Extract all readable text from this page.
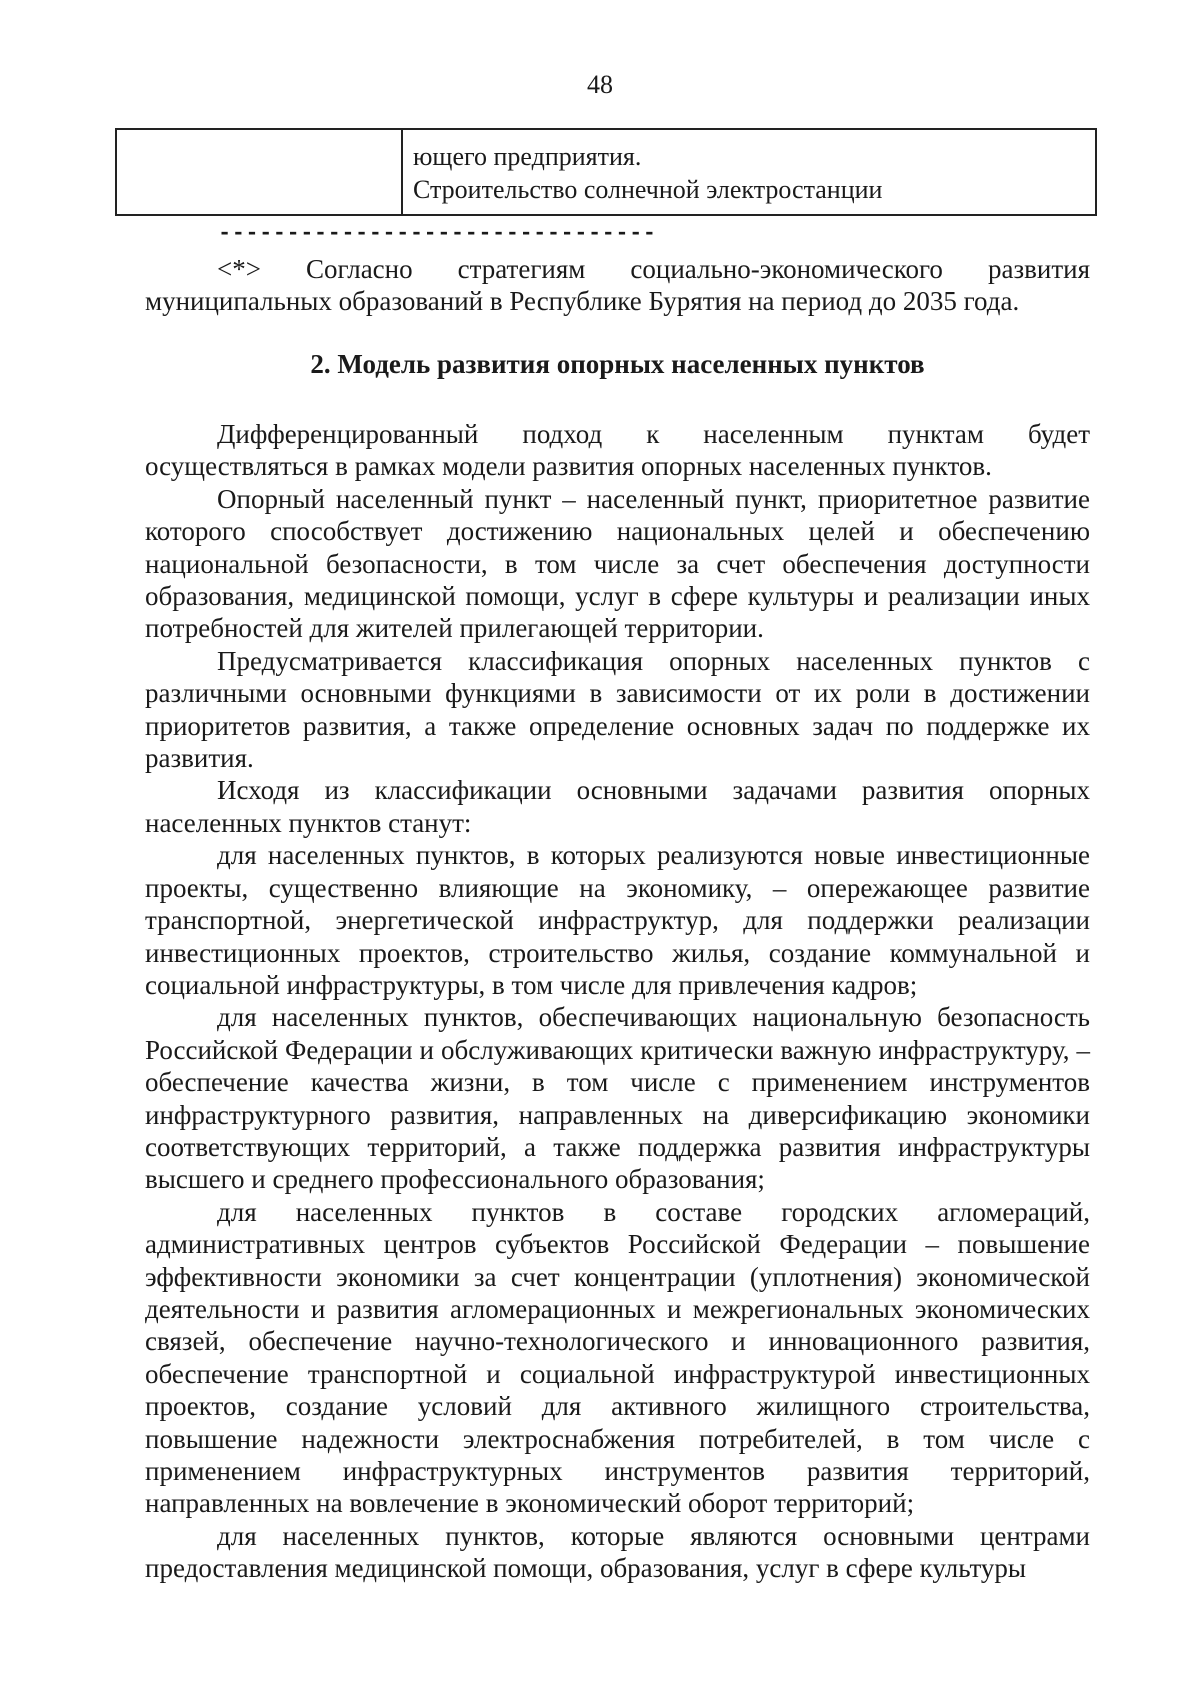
48

ющего предприятия.
Строительство солнечной электростанции
--------------------------------

<*> Согласно стратегиям социально-экономического развития муниципальных образований в Республике Бурятия на период до 2035 года.

2. Модель развития опорных населенных пунктов

Дифференцированный подход к населенным пунктам будет осуществляться в рамках модели развития опорных населенных пунктов.

Опорный населенный пункт – населенный пункт, приоритетное развитие которого способствует достижению национальных целей и обеспечению национальной безопасности, в том числе за счет обеспечения доступности образования, медицинской помощи, услуг в сфере культуры и реализации иных потребностей для жителей прилегающей территории.

Предусматривается классификация опорных населенных пунктов с различными основными функциями в зависимости от их роли в достижении приоритетов развития, а также определение основных задач по поддержке их развития.

Исходя из классификации основными задачами развития опорных населенных пунктов станут:

для населенных пунктов, в которых реализуются новые инвестиционные проекты, существенно влияющие на экономику, – опережающее развитие транспортной, энергетической инфраструктур, для поддержки реализации инвестиционных проектов, строительство жилья, создание коммунальной и социальной инфраструктуры, в том числе для привлечения кадров;

для населенных пунктов, обеспечивающих национальную безопасность Российской Федерации и обслуживающих критически важную инфраструктуру, – обеспечение качества жизни, в том числе с применением инструментов инфраструктурного развития, направленных на диверсификацию экономики соответствующих территорий, а также поддержка развития инфраструктуры высшего и среднего профессионального образования;

для населенных пунктов в составе городских агломераций, административных центров субъектов Российской Федерации – повышение эффективности экономики за счет концентрации (уплотнения) экономической деятельности и развития агломерационных и межрегиональных экономических связей, обеспечение научно-технологического и инновационного развития, обеспечение транспортной и социальной инфраструктурой инвестиционных проектов, создание условий для активного жилищного строительства, повышение надежности электроснабжения потребителей, в том числе с применением инфраструктурных инструментов развития территорий, направленных на вовлечение в экономический оборот территорий;

для населенных пунктов, которые являются основными центрами предоставления медицинской помощи, образования, услуг в сфере культуры
